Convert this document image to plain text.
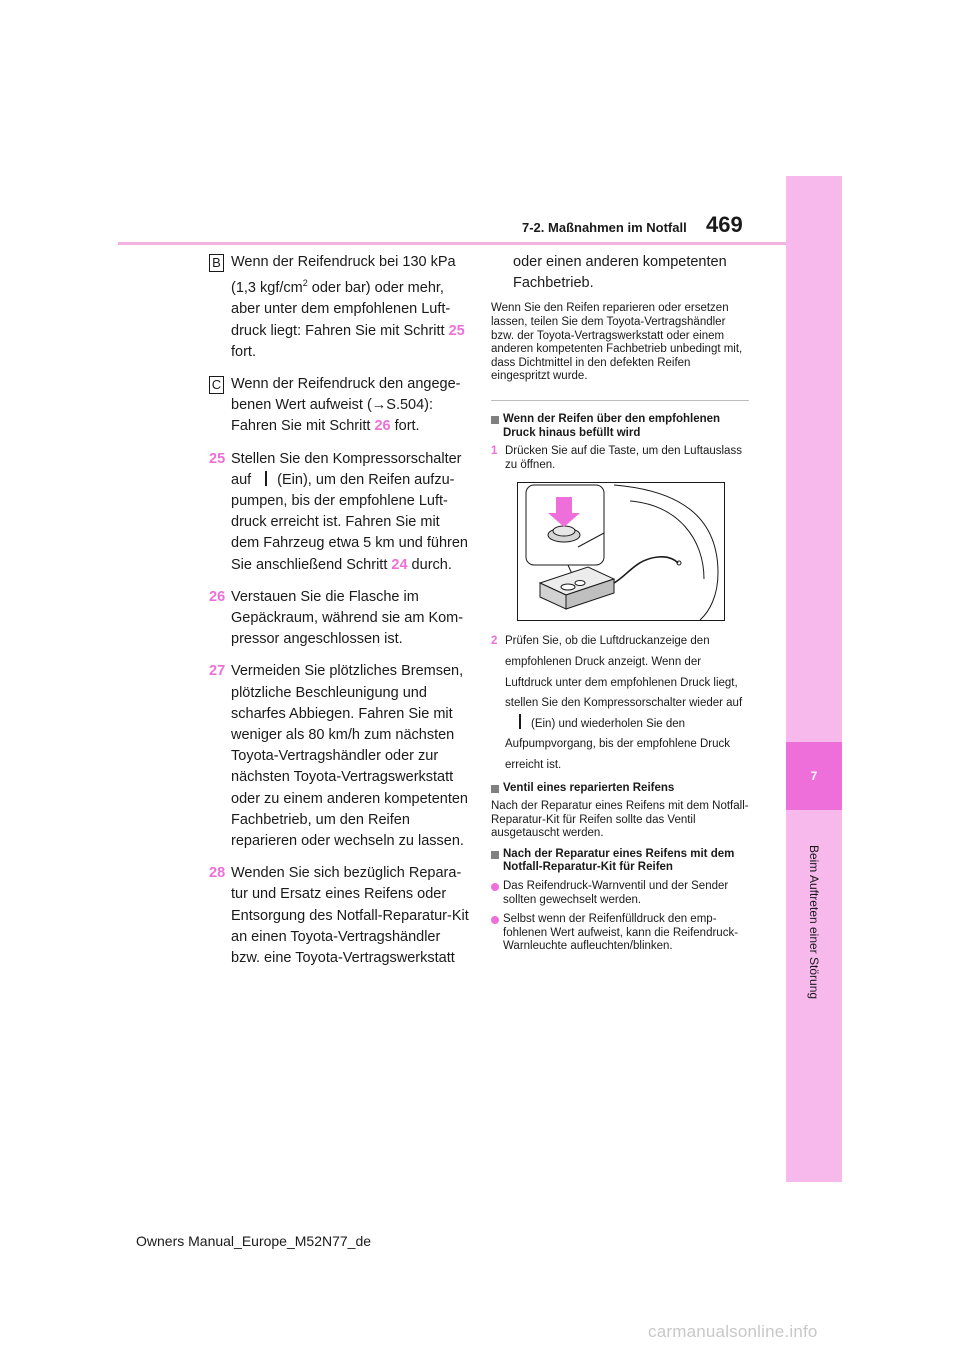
7-2. Maßnahmen im Notfall 469
7
Beim Auftreten einer Störung
B Wenn der Reifendruck bei 130 kPa (1,3 kgf/$cm^2$ oder bar) oder mehr, aber unter dem empfohlenen Luftdruck liegt: Fahren Sie mit Schritt 25 fort.
C Wenn der Reifendruck den angegebenen Wert aufweist (→S.504): Fahren Sie mit Schritt 26 fort.
25 Stellen Sie den Kompressorschalter auf (Ein), um den Reifen aufzupumpen, bis der empfohlene Luftdruck erreicht ist. Fahren Sie mit dem Fahrzeug etwa 5 km und führen Sie anschließend Schritt 24 durch.
26 Verstauen Sie die Flasche im Gepäckraum, während sie am Kompressor angeschlossen ist.
27 Vermeiden Sie plötzliches Bremsen, plötzliche Beschleunigung und scharfes Abbiegen. Fahren Sie mit weniger als 80 km/h zum nächsten Toyota-Vertragshändler oder zur nächsten Toyota-Vertragswerkstatt oder zu einem anderen kompetenten Fachbetrieb, um den Reifen reparieren oder wechseln zu lassen.
28 Wenden Sie sich bezüglich Reparatur und Ersatz eines Reifens oder Entsorgung des Notfall-Reparatur-Kit an einen Toyota-Vertragshändler bzw. eine Toyota-Vertragswerkstatt
oder einen anderen kompetenten Fachbetrieb.
Wenn Sie den Reifen reparieren oder ersetzen lassen, teilen Sie dem Toyota-Vertragshändler bzw. der Toyota-Vertragswerkstatt oder einem anderen kompetenten Fachbetrieb unbedingt mit, dass Dichtmittel in den defekten Reifen eingespritzt wurde.
Wenn der Reifen über den empfohlenen Druck hinaus befüllt wird
1 Drücken Sie auf die Taste, um den Luftauslass zu öffnen.
2 Prüfen Sie, ob die Luftdruckanzeige den empfohlenen Druck anzeigt. Wenn der Luftdruck unter dem empfohlenen Druck liegt, stellen Sie den Kompressorschalter wieder auf(Ein) und wiederholen Sie den Aufpumpvorgang, bis der empfohlene Druck erreicht ist.
Ventil eines reparierten Reifens
Nach der Reparatur eines Reifens mit dem Notfall-Reparatur-Kit für Reifen sollte das Ventil ausgetauscht werden.
Nach der Reparatur eines Reifens mit dem Notfall-Reparatur-Kit für Reifen
Das Reifendruck-Warnventil und der Sender sollten gewechselt werden.
Selbst wenn der Reifenfülldruck den empfohlenen Wert aufweist, kann die Reifendruck-Warnleuchte aufleuchten/blinken.
Owners Manual_Europe_M52N77_de
carmanualsonline.info
